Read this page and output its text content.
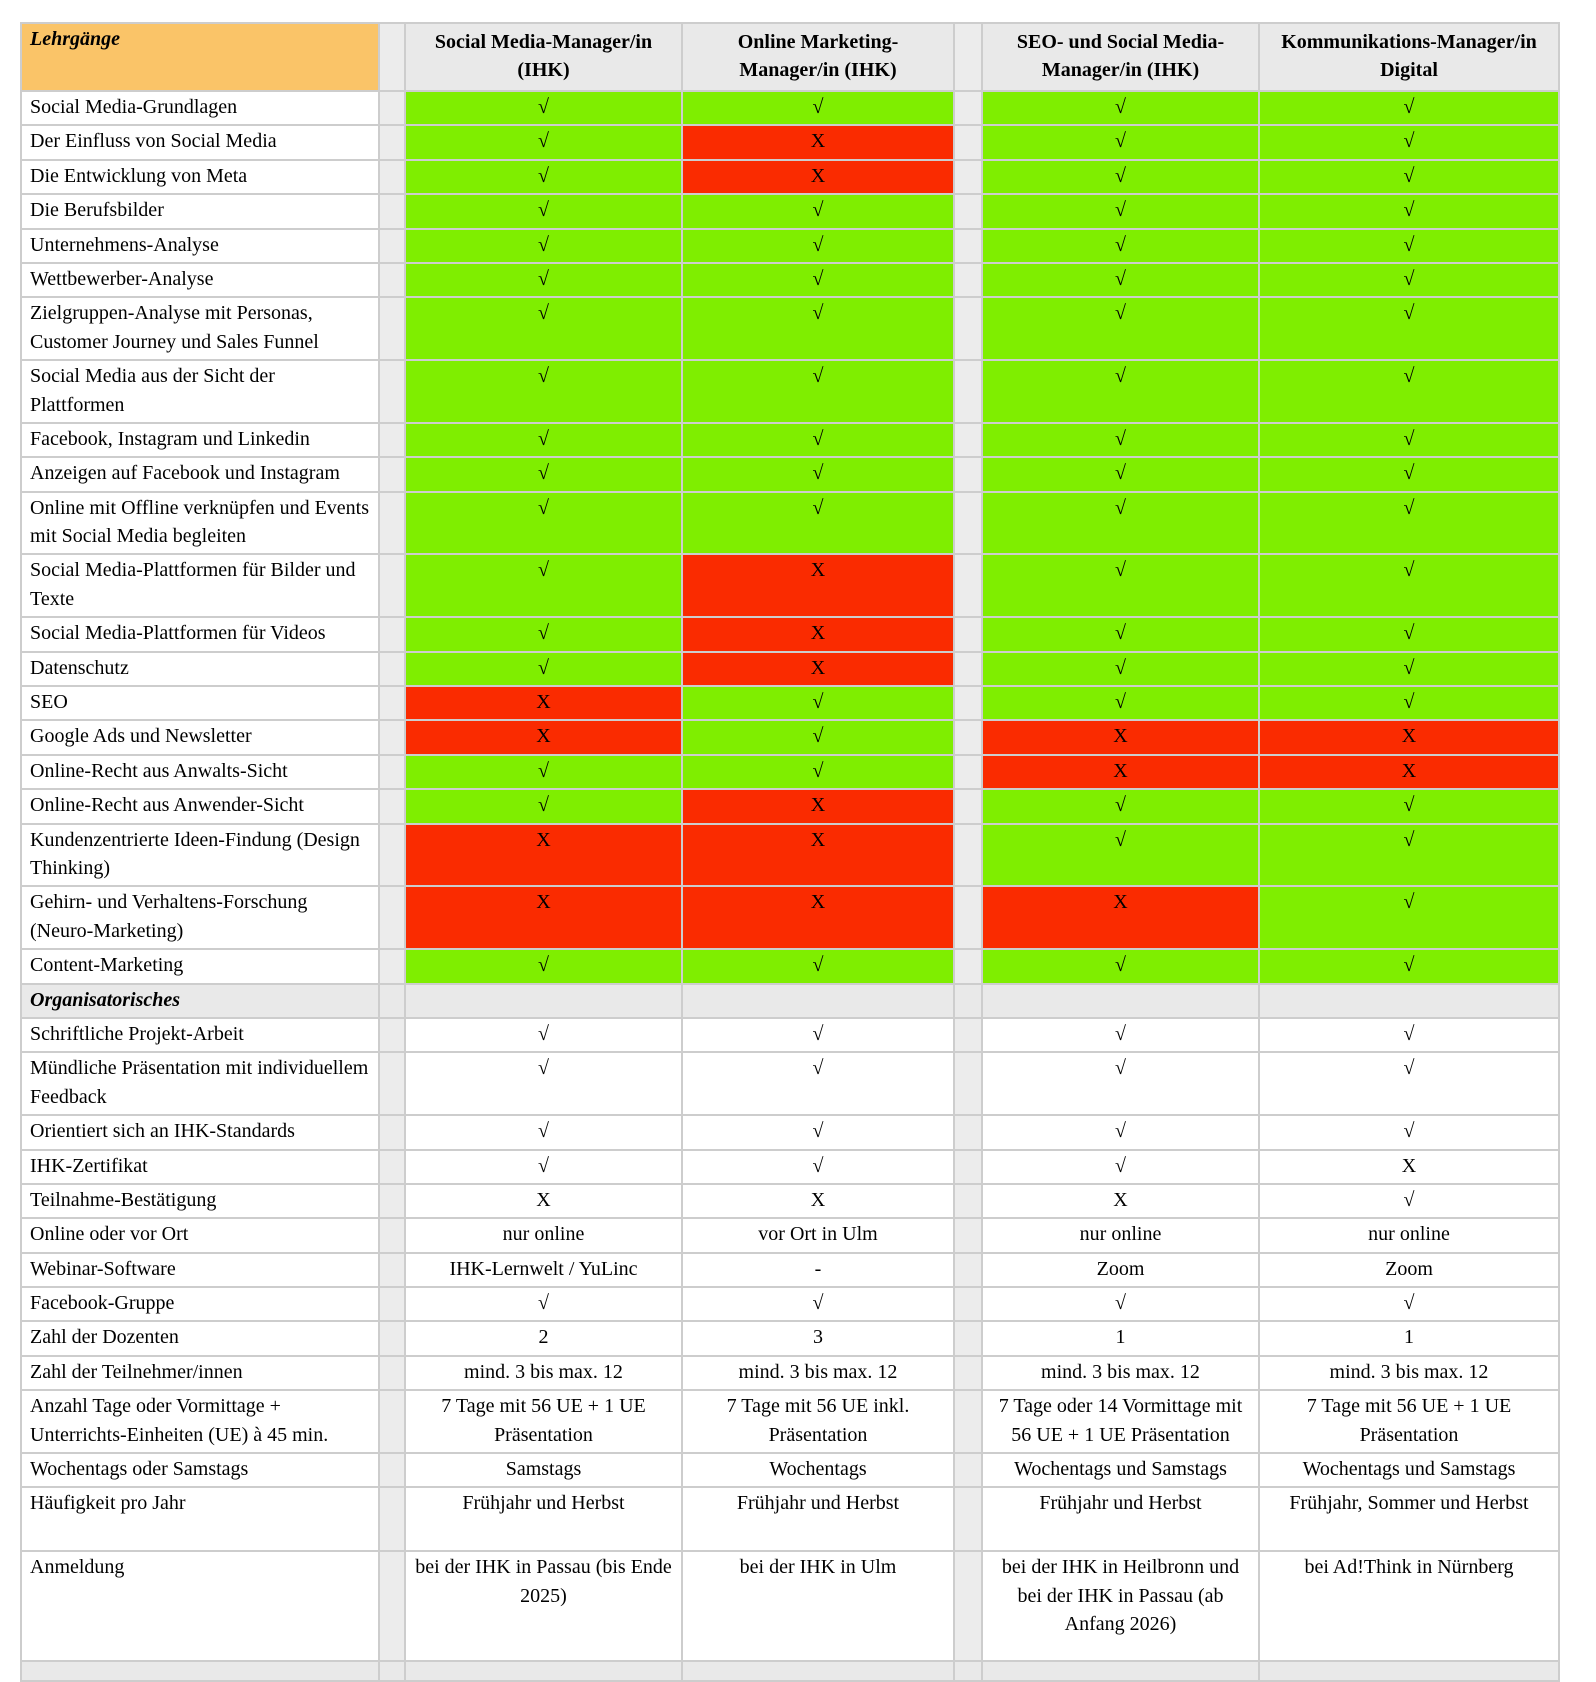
Lehrgänge		Social Media-Manager/in (IHK)	Online Marketing-Manager/in (IHK)		SEO- und Social Media-Manager/in (IHK)	Kommunikations-Manager/in Digital
Social Media-Grundlagen		√	√		√	√
Der Einfluss von Social Media		√	X		√	√
Die Entwicklung von Meta		√	X		√	√
Die Berufsbilder		√	√		√	√
Unternehmens-Analyse		√	√		√	√
Wettbewerber-Analyse		√	√		√	√
Zielgruppen-Analyse mit Personas, Customer Journey und Sales Funnel		√	√		√	√
Social Media aus der Sicht der Plattformen		√	√		√	√
Facebook, Instagram und Linkedin		√	√		√	√
Anzeigen auf Facebook und Instagram		√	√		√	√
Online mit Offline verknüpfen und Events mit Social Media begleiten		√	√		√	√
Social Media-Plattformen für Bilder und Texte		√	X		√	√
Social Media-Plattformen für Videos		√	X		√	√
Datenschutz		√	X		√	√
SEO		X	√		√	√
Google Ads und Newsletter		X	√		X	X
Online-Recht aus Anwalts-Sicht		√	√		X	X
Online-Recht aus Anwender-Sicht		√	X		√	√
Kundenzentrierte Ideen-Findung (Design Thinking)		X	X		√	√
Gehirn- und Verhaltens-Forschung (Neuro-Marketing)		X	X		X	√
Content-Marketing		√	√		√	√
Organisatorisches						
Schriftliche Projekt-Arbeit		√	√		√	√
Mündliche Präsentation mit individuellem Feedback		√	√		√	√
Orientiert sich an IHK-Standards		√	√		√	√
IHK-Zertifikat		√	√		√	X
Teilnahme-Bestätigung		X	X		X	√
Online oder vor Ort		nur online	vor Ort in Ulm		nur online	nur online
Webinar-Software		IHK-Lernwelt / YuLinc	-		Zoom	Zoom
Facebook-Gruppe		√	√		√	√
Zahl der Dozenten		2	3		1	1
Zahl der Teilnehmer/innen		mind. 3 bis max. 12	mind. 3 bis max. 12		mind. 3 bis max. 12	mind. 3 bis max. 12
Anzahl Tage oder Vormittage + Unterrichts-Einheiten (UE) à 45 min.		7 Tage mit 56 UE + 1 UE Präsentation	7 Tage mit 56 UE inkl. Präsentation		7 Tage oder 14 Vormittage mit 56 UE + 1 UE Präsentation	7 Tage mit 56 UE + 1 UE Präsentation
Wochentags oder Samstags		Samstags	Wochentags		Wochentags und Samstags	Wochentags und Samstags
Häufigkeit pro Jahr		Frühjahr und Herbst	Frühjahr und Herbst		Frühjahr und Herbst	Frühjahr, Sommer und Herbst
Anmeldung		bei der IHK in Passau (bis Ende 2025)	bei der IHK in Ulm		bei der IHK in Heilbronn und bei der IHK in Passau (ab Anfang 2026)	bei Ad!Think in Nürnberg
